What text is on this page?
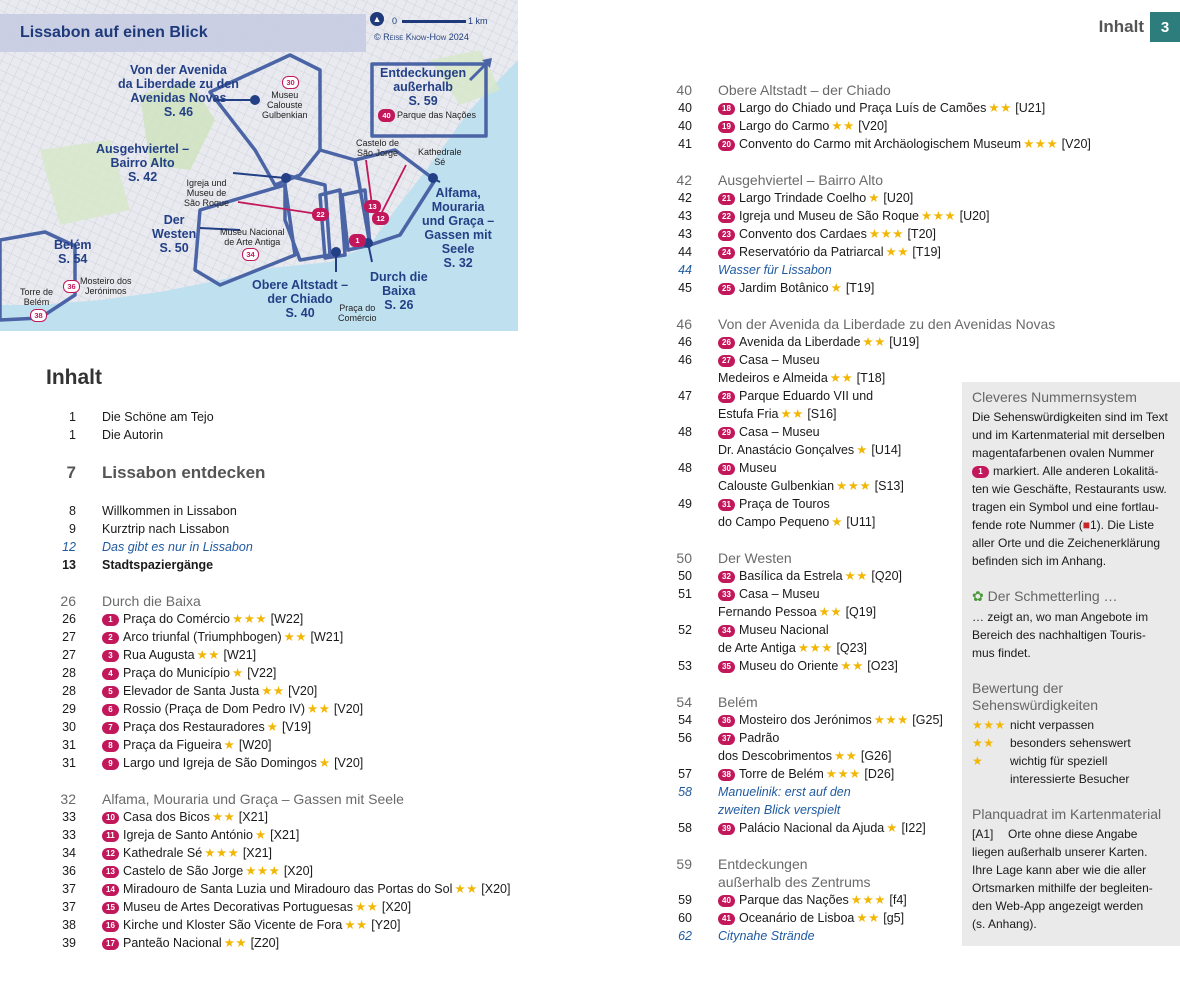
Lissabon auf einen Blick
▲ 0	1 km
© Reise Know-How 2024
Von der Avenida
da Liberdade zu den
Avenidas Novas
S. 46
Ausgehviertel –
Bairro Alto
S. 42
Der
Westen
S. 50
Belém
S. 54
Obere Altstadt –
der Chiado
S. 40
Durch die
Baixa
S. 26
Alfama,
Mouraria
und Graça –
Gassen mit
Seele
S. 32
Entdeckungen
außerhalb
S. 59
30
Museu
Calouste
Gulbenkian	40 Parque das Nações
Castelo de
São Jorge Kathedrale
Sé
Igreja und
Museu de
São Roque
Museu Nacional
de Arte Antiga
34
36
Mosteiro dos
Jerónimos
Torre de
Belém
38
Praça do
Comércio
22
13
12
1
Inhalt	3
Inhalt
1 Die Schöne am Tejo
1 Die Autorin
7 Lissabon entdecken
8 Willkommen in Lissabon
9 Kurztrip nach Lissabon
12 Das gibt es nur in Lissabon
13 Stadtspaziergänge
26 Durch die Baixa
26	1 Praça do Comércio ★★★ [W22]
27	2 Arco triunfal (Triumphbogen) ★★ [W21]
27	3 Rua Augusta ★★ [W21]
28	4 Praça do Município ★ [V22]
28	5 Elevador de Santa Justa ★★ [V20]
29	6 Rossio (Praça de Dom Pedro IV) ★★ [V20]
30	7 Praça dos Restauradores ★ [V19]
31	8 Praça da Figueira ★ [W20]
31	9 Largo und Igreja de São Domingos ★ [V20]
32 Alfama, Mouraria und Graça – Gassen mit Seele
33	10 Casa dos Bicos ★★ [X21]
33	11 Igreja de Santo António ★ [X21]
34	12 Kathedrale Sé ★★★ [X21]
36	13 Castelo de São Jorge ★★★ [X20]
37	14 Miradouro de Santa Luzia und Miradouro das Portas do Sol ★★ [X20]
37	15 Museu de Artes Decorativas Portuguesas ★★ [X20]
38	16 Kirche und Kloster São Vicente de Fora ★★ [Y20]
39	17 Panteão Nacional ★★ [Z20]
40 Obere Altstadt – der Chiado
40	18 Largo do Chiado und Praça Luís de Camões ★★ [U21]
40	19 Largo do Carmo ★★ [V20]
41	20 Convento do Carmo mit Archäologischem Museum ★★★ [V20]
42 Ausgehviertel – Bairro Alto
42	21 Largo Trindade Coelho ★ [U20]
43	22 Igreja und Museu de São Roque ★★★ [U20]
43	23 Convento dos Cardaes ★★★ [T20]
44	24 Reservatório da Patriarcal ★★ [T19]
44 Wasser für Lissabon
45	25 Jardim Botânico ★ [T19]
46 Von der Avenida da Liberdade zu den Avenidas Novas
46	26 Avenida da Liberdade ★★ [U19]
46	27 Casa – Museu
Medeiros e Almeida ★★ [T18]
47	28 Parque Eduardo VII und
Estufa Fria ★★ [S16]
48	29 Casa – Museu
Dr. Anastácio Gonçalves ★ [U14]
48	30 Museu
Calouste Gulbenkian ★★★ [S13]
49	31 Praça de Touros
do Campo Pequeno ★ [U11]
50 Der Westen
50	32 Basílica da Estrela ★★ [Q20]
51	33 Casa – Museu
Fernando Pessoa ★★ [Q19]
52	34 Museu Nacional
de Arte Antiga ★★★ [Q23]
53	35 Museu do Oriente ★★ [O23]
54 Belém
54	36 Mosteiro dos Jerónimos ★★★ [G25]
56	37 Padrão
dos Descobrimentos ★★ [G26]
57	38 Torre de Belém ★★★ [D26]
58 Manuelinik: erst auf den
zweiten Blick verspielt
58	39 Palácio Nacional da Ajuda ★ [I22]
59 Entdeckungen
außerhalb des Zentrums
59	40 Parque das Nações ★★★ [f4]
60	41 Oceanário de Lisboa ★★ [g5]
62 Citynahe Strände
Cleveres Nummernsystem
Die Sehenswürdigkeiten sind im Text
und im Kartenmaterial mit derselben
magentafarbenen ovalen Nummer
1 markiert. Alle anderen Lokalitä-
ten wie Geschäfte, Restaurants usw.
tragen ein Symbol und eine fortlau-
fende rote Nummer (■1). Die Liste
aller Orte und die Zeichenerklärung
befinden sich im Anhang.
✿ Der Schmetterling …
… zeigt an, wo man Angebote im
Bereich des nachhaltigen Touris-
mus findet.
Bewertung der
Sehenswürdigkeiten
★★★ nicht verpassen
★★ besonders sehenswert
★ wichtig für speziell
interessierte Besucher
Planquadrat im Kartenmaterial
[A1] Orte ohne diese Angabe
liegen außerhalb unserer Karten.
Ihre Lage kann aber wie die aller
Ortsmarken mithilfe der begleiten-
den Web-App angezeigt werden
(s. Anhang).
